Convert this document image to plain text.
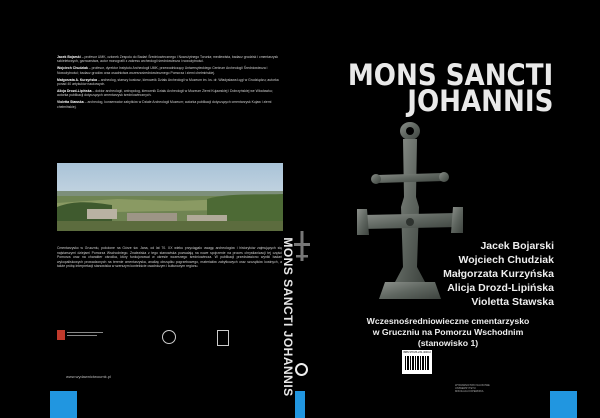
Jacek Bojarski – profesor UMK, członek Zespołu do Badań Średniowiecznego i Nowożytnego Torunia; mediewista, badacz grodzisk i cmentarzysk szkieletowych, garncarstwa, autor monografii z zakresu archeologii średniowiecza i nowożytności.

Wojciech Chudziak – profesor, dyrektor Instytutu Archeologii UMK, przewodniczący Uniwersyteckiego Centrum Archeologii Średniowiecza i Nowożytności; badacz grodów oraz osadnictwa wczesnośredniowiecznego Pomorza i ziemi chełmińskiej.

Małgorzata A. Kurzyńska – archeolog, starszy kustosz, kierownik Działu Archeologii w Muzeum im. ks. dr. Władysława Łęgi w Grudziądzu; autorka ponad 40 artykułów naukowych.

Alicja Drozd-Lipińska – doktor archeologii, antropolog, kierownik Działu Archeologii w Muzeum Ziemi Kujawskiej i Dobrzyńskiej we Włocławku; autorka publikacji dotyczących cmentarzysk średniowiecznych.

Violetta Stawska – archeolog, konserwator zabytków w Dziale Archeologii Muzeum; autorka publikacji dotyczących cmentarzysk Kujaw i ziemi chełmińskiej.

Cmentarzysko w Gruczniu, położone na Górze św. Jana, od lat 70. XX wieku przyciągało uwagę archeologów i historyków zajmujących się najstarszymi dziejami Pomorza Wschodniego. Znaleziska z tego stanowiska pozwalają na nowe spojrzenie na proces chrystianizacji tej części Pomorza oraz na charakter ośrodka, który funkcjonował w okresie wczesnego średniowiecza. W publikacji przedstawiono wyniki badań wykopaliskowych prowadzonych na terenie cmentarzyska, analizę obrządku pogrzebowego, materiałów zabytkowych oraz szczątków kostnych, a także próbę interpretacji stanowiska w szerszym kontekście osadniczym i kulturowym regionu.

www.wydawnictwoumk.pl	MONS SANCTI JOHANNIS
MONS SANCTI
JOHANNIS
Jacek Bojarski
Wojciech Chudziak
Małgorzata Kurzyńska
Alicja Drozd-Lipińska
Violetta Stawska
Wczesnośredniowieczne cmentarzysko
w Gruczniu na Pomorzu Wschodnim
(stanowisko 1)
ISBN 978-83-231-4000-0
WYDAWNICTWO NAUKOWE
UNIWERSYTETU
MIKOŁAJA KOPERNIKA
